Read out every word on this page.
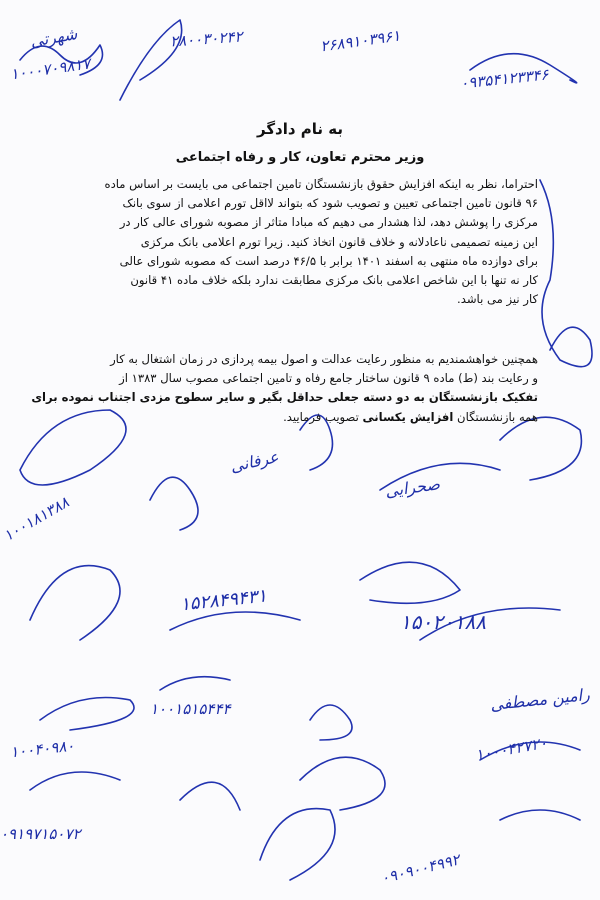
۱۰۰۰۷۰۹۸۱۷
۲۸۰۰۳۰۲۴۲	۲۶۸۹۱۰۳۹۶۱
۰۹۳۵۴۱۲۳۳۴۶
۱۰۰۱۸۱۳۸۸
۱۵۲۸۴۹۴۳۱
۱۵۰۲۰۱۸۸
۱۰۰۱۵۱۵۴۴۴
۱۰۰۰۴۲۷۲۰
۰۹۱۹۷۱۵۰۷۲
۱۰۰۴۰۹۸۰
۰۹۰۹۰۰۴۹۹۲
شهرتی
عرفانی
صحرایی
رامین مصطفی
به نام دادگر
وزیر محترم تعاون، کار و رفاه اجتماعی
احتراما، نظر به اینکه افزایش حقوق بازنشستگان تامین اجتماعی می بایست بر اساس ماده
۹۶ قانون تامین اجتماعی تعیین و تصویب شود که بتواند لااقل تورم اعلامی از سوی بانک
مرکزی را پوشش دهد، لذا هشدار می دهیم که مبادا متاثر از مصوبه شورای عالی کار در
این زمینه تصمیمی ناعادلانه و خلاف قانون اتخاذ کنید. زیرا تورم اعلامی بانک مرکزی
برای دوازده ماه منتهی به اسفند ۱۴۰۱ برابر با ۴۶/۵ درصد است که مصوبه شورای عالی
کار نه تنها با این شاخص اعلامی بانک مرکزی مطابقت ندارد بلکه خلاف ماده ۴۱ قانون
کار نیز می باشد.
همچنین خواهشمندیم به منظور رعایت عدالت و اصول بیمه پردازی در زمان اشتغال به کار
و رعایت بند (ط) ماده ۹ قانون ساختار جامع رفاه و تامین اجتماعی مصوب سال ۱۳۸۳ از
تفکیک بازنشستگان به دو دسته جعلی حداقل بگیر و سایر سطوح مزدی اجتناب نموده برای
همه بازنشستگان افزایش یکسانی تصویب فرمایید.
